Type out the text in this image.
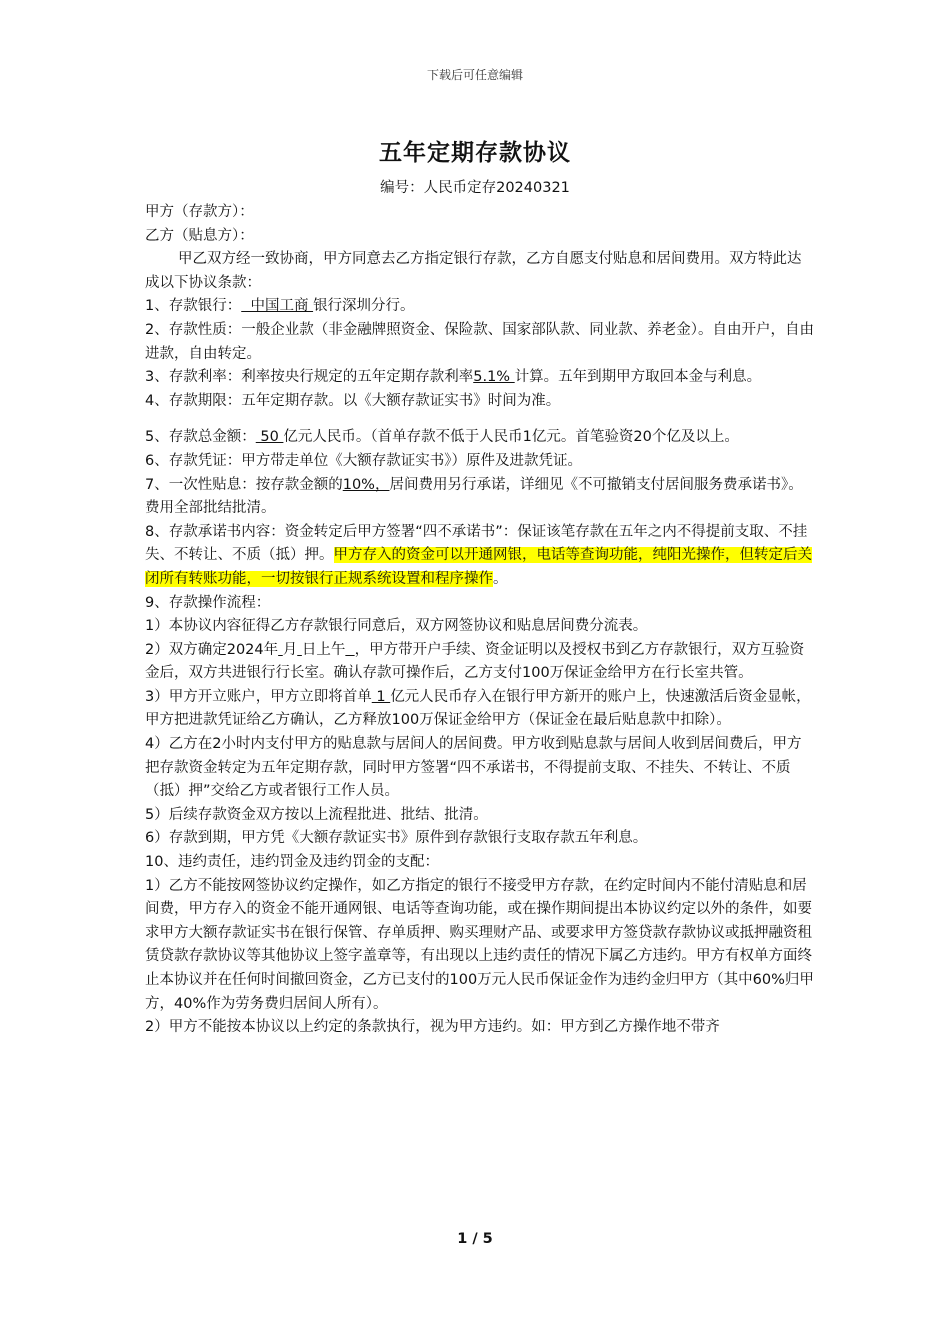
下载后可任意编辑
五年定期存款协议
编号：人民币定存20240321

甲方（存款方）：

乙方（贴息方）：

甲乙双方经一致协商，甲方同意去乙方指定银行存款，乙方自愿支付贴息和居间费用。双方特此达成以下协议条款：

1、存款银行：  中国工商 银行深圳分行。

2、存款性质：一般企业款（非金融牌照资金、保险款、国家部队款、同业款、养老金）。自由开户，自由进款，自由转定。

3、存款利率：利率按央行规定的五年定期存款利率5.1% 计算。五年到期甲方取回本金与利息。

4、存款期限：五年定期存款。以《大额存款证实书》时间为准。

5、存款总金额： 50 亿元人民币。（首单存款不低于人民币1亿元。首笔验资20个亿及以上。

6、存款凭证：甲方带走单位《大额存款证实书》）原件及进款凭证。

7、一次性贴息：按存款金额的10%，居间费用另行承诺，详细见《不可撤销支付居间服务费承诺书》。费用全部批结批清。

8、存款承诺书内容：资金转定后甲方签署“四不承诺书”：保证该笔存款在五年之内不得提前支取、不挂失、不转让、不质（抵）押。甲方存入的资金可以开通网银，电话等查询功能，纯阳光操作，但转定后关闭所有转账功能，一切按银行正规系统设置和程序操作。

9、存款操作流程：

1）本协议内容征得乙方存款银行同意后，双方网签协议和贴息居间费分流表。

2）双方确定2024年 月 日上午 ，甲方带开户手续、资金证明以及授权书到乙方存款银行，双方互验资金后，双方共进银行行长室。确认存款可操作后，乙方支付100万保证金给甲方在行长室共管。

3）甲方开立账户，甲方立即将首单 1 亿元人民币存入在银行甲方新开的账户上，快速激活后资金显帐，甲方把进款凭证给乙方确认，乙方释放100万保证金给甲方（保证金在最后贴息款中扣除）。

4）乙方在2小时内支付甲方的贴息款与居间人的居间费。甲方收到贴息款与居间人收到居间费后，甲方把存款资金转定为五年定期存款，同时甲方签署“四不承诺书，不得提前支取、不挂失、不转让、不质（抵）押”交给乙方或者银行工作人员。

5）后续存款资金双方按以上流程批进、批结、批清。

6）存款到期，甲方凭《大额存款证实书》原件到存款银行支取存款五年利息。

10、违约责任，违约罚金及违约罚金的支配：

1）乙方不能按网签协议约定操作，如乙方指定的银行不接受甲方存款，在约定时间内不能付清贴息和居间费，甲方存入的资金不能开通网银、电话等查询功能，或在操作期间提出本协议约定以外的条件，如要求甲方大额存款证实书在银行保管、存单质押、购买理财产品、或要求甲方签贷款存款协议或抵押融资租赁贷款存款协议等其他协议上签字盖章等，有出现以上违约责任的情况下属乙方违约。甲方有权单方面终止本协议并在任何时间撤回资金，乙方已支付的100万元人民币保证金作为违约金归甲方（其中60%归甲方，40%作为劳务费归居间人所有）。

2）甲方不能按本协议以上约定的条款执行，视为甲方违约。如：甲方到乙方操作地不带齐

1 / 5
